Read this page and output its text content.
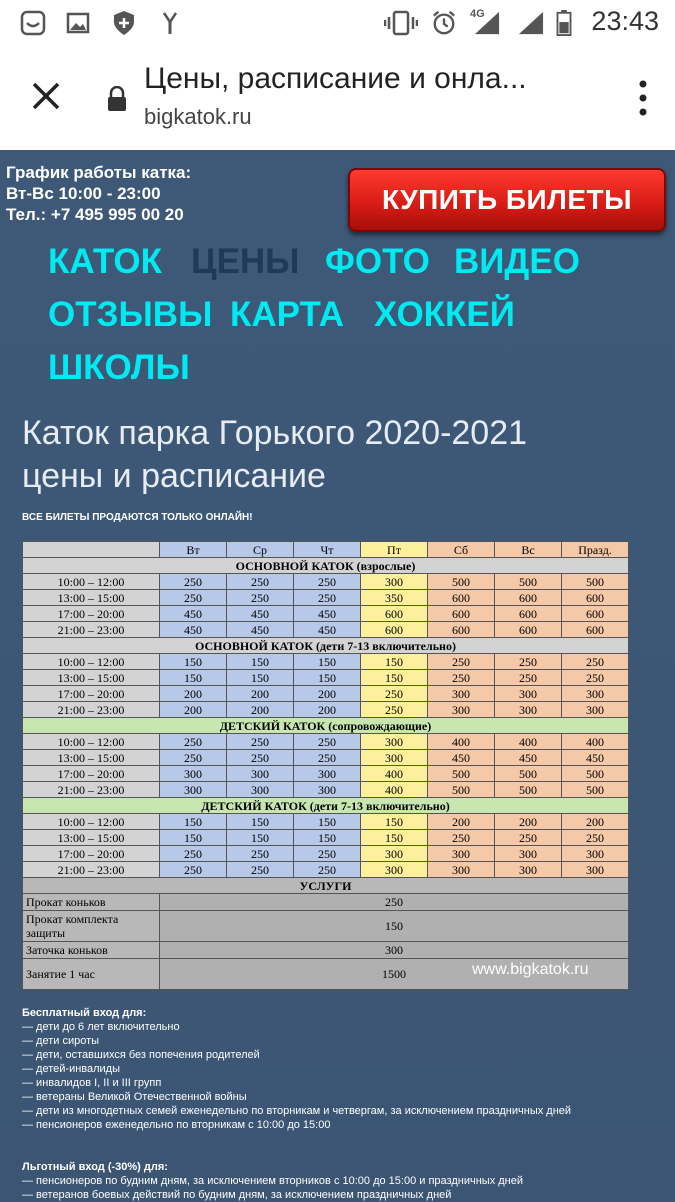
4G	23:43
Цены, расписание и онла...
bigkatok.ru
График работы катка:
Вт-Вс 10:00 - 23:00
Тел.: +7 495 995 00 20	КУПИТЬ БИЛЕТЫ
КАТОК ЦЕНЫ ФОТО ВИДЕО
ОТЗЫВЫ КАРТА ХОККЕЙ
ШКОЛЫ
Каток парка Горького 2020-2021
цены и расписание
ВСЕ БИЛЕТЫ ПРОДАЮТСЯ ТОЛЬКО ОНЛАЙН!
	Вт	Ср	Чт	Пт	Сб	Вс	Празд.
ОСНОВНОЙ КАТОК (взрослые)							
10:00 – 12:00	250	250	250	300	500	500	500
13:00 – 15:00	250	250	250	350	600	600	600
17:00 – 20:00	450	450	450	600	600	600	600
21:00 – 23:00	450	450	450	600	600	600	600
ОСНОВНОЙ КАТОК (дети 7-13 включительно)							
10:00 – 12:00	150	150	150	150	250	250	250
13:00 – 15:00	150	150	150	150	250	250	250
17:00 – 20:00	200	200	200	250	300	300	300
21:00 – 23:00	200	200	200	250	300	300	300
ДЕТСКИЙ КАТОК (сопровождающие)							
10:00 – 12:00	250	250	250	300	400	400	400
13:00 – 15:00	250	250	250	300	450	450	450
17:00 – 20:00	300	300	300	400	500	500	500
21:00 – 23:00	300	300	300	400	500	500	500
ДЕТСКИЙ КАТОК (дети 7-13 включительно)							
10:00 – 12:00	150	150	150	150	200	200	200
13:00 – 15:00	150	150	150	150	250	250	250
17:00 – 20:00	250	250	250	300	300	300	300
21:00 – 23:00	250	250	250	300	300	300	300
УСЛУГИ							
Прокат коньков	250						
Прокат комплекта защиты	150						
Заточка коньков	300						
Занятие 1 час	1500							www.bigkatok.ru
Бесплатный вход для:
— дети до 6 лет включительно
— дети сироты
— дети, оставшихся без попечения родителей
— детей-инвалиды
— инвалидов I, II и III групп
— ветераны Великой Отечественной войны
— дети из многодетных семей еженедельно по вторникам и четвергам, за исключением праздничных дней
— пенсионеров еженедельно по вторникам с 10:00 до 15:00
Льготный вход (-30%) для:
— пенсионеров по будним дням, за исключением вторников с 10:00 до 15:00 и праздничных дней
— ветеранов боевых действий по будним дням, за исключением праздничных дней
